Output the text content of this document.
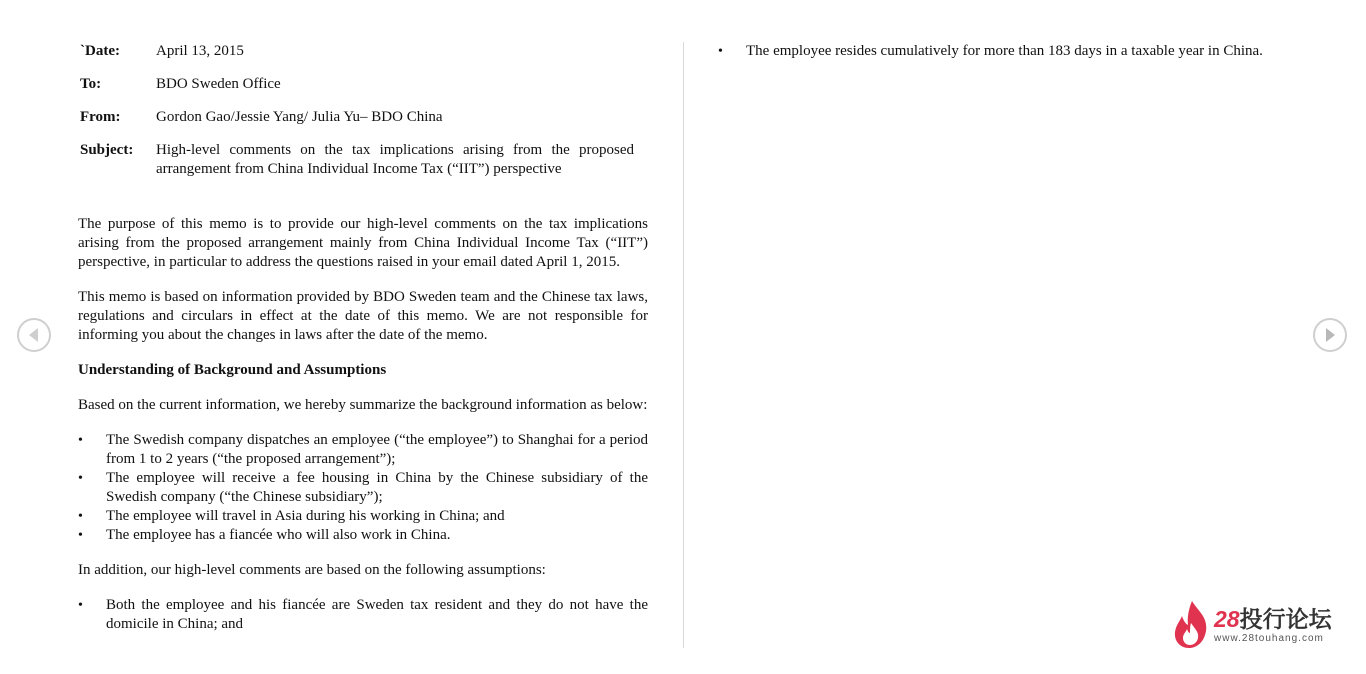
`Date:	April 13, 2015
To:	BDO Sweden Office
From:	Gordon Gao/Jessie Yang/ Julia Yu– BDO China
Subject:	High-level comments on the tax implications arising from the proposed arrangement from China Individual Income Tax (“IIT”) perspective

The purpose of this memo is to provide our high-level comments on the tax implications arising from the proposed arrangement mainly from China Individual Income Tax (“IIT”) perspective, in particular to address the questions raised in your email dated April 1, 2015.

This memo is based on information provided by BDO Sweden team and the Chinese tax laws, regulations and circulars in effect at the date of this memo. We are not responsible for informing you about the changes in laws after the date of the memo.

Understanding of Background and Assumptions

Based on the current information, we hereby summarize the background information as below:

•	The Swedish company dispatches an employee (“the employee”) to Shanghai for a period from 1 to 2 years (“the proposed arrangement”);
•	The employee will receive a fee housing in China by the Chinese subsidiary of the Swedish company (“the Chinese subsidiary”);
•	The employee will travel in Asia during his working in China; and
•	The employee has a fiancée who will also work in China.

In addition, our high-level comments are based on the following assumptions:

•	Both the employee and his fiancée are Sweden tax resident and they do not have the domicile in China; and
•	The employee resides cumulatively for more than 183 days in a taxable year in China.
28投行论坛
www.28touhang.com
